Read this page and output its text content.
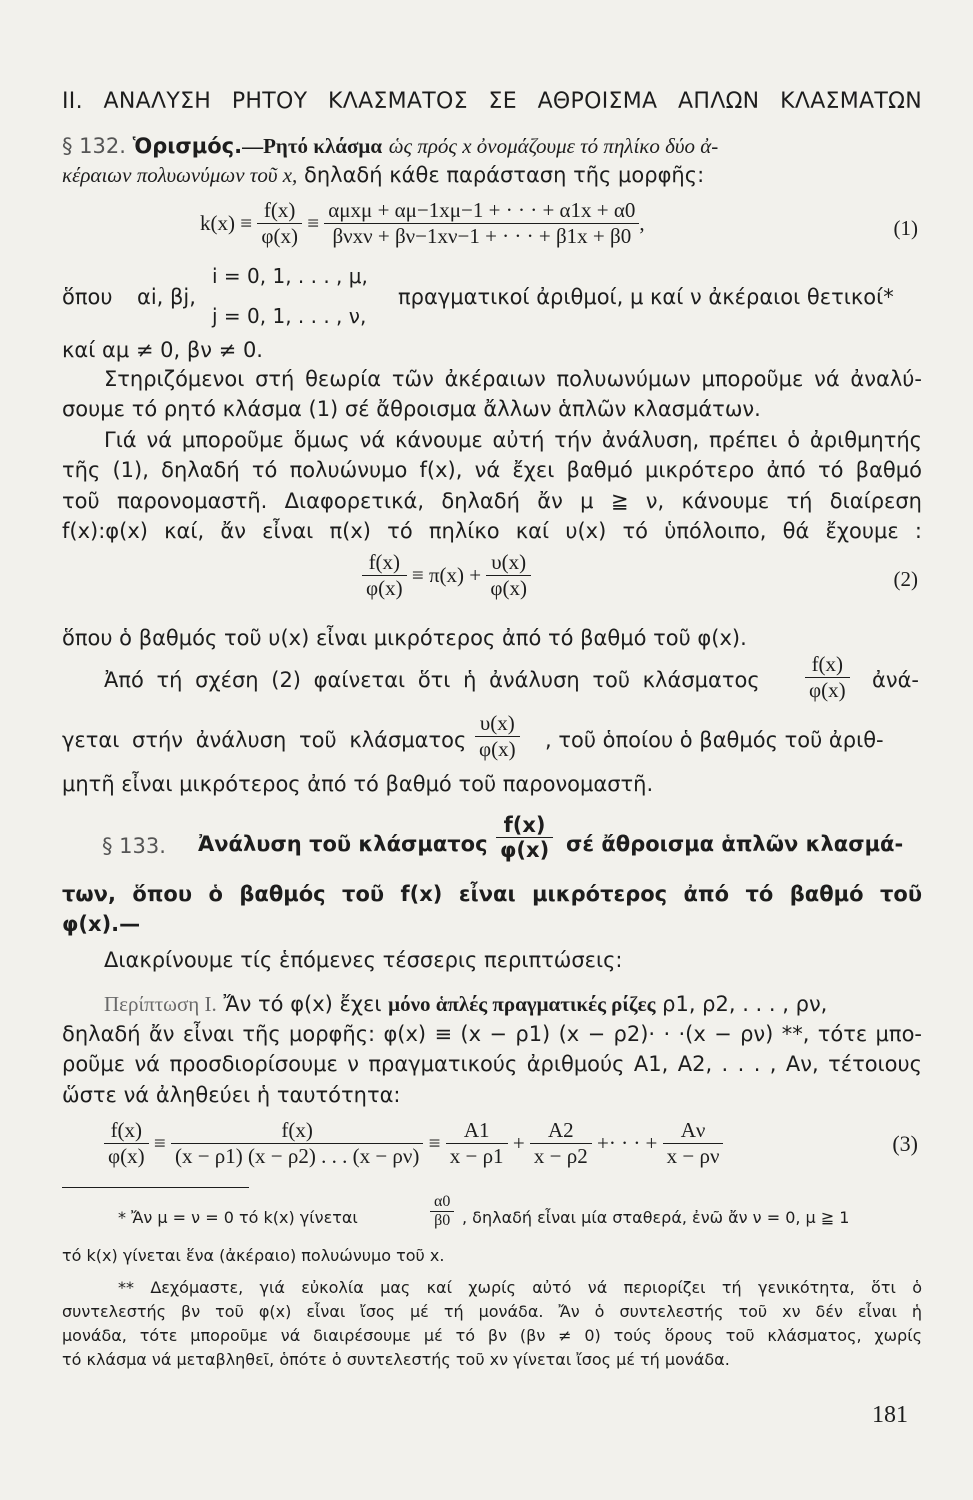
II. ΑΝΑΛΥΣΗ ΡΗΤΟΥ ΚΛΑΣΜΑΤΟΣ ΣΕ ΑΘΡΟΙΣΜΑ ΑΠΛΩΝ ΚΛΑΣΜΑΤΩΝ
§ 132. Ὁρισμός.—Ρητό κλάσμα ὡς πρός x ὀνομάζουμε τό πηλίκο δύο ἀ-
κέραιων πολυωνύμων τοῦ x, δηλαδή κάθε παράσταση τῆς μορφῆς:
$k(x) \equiv \frac{f(x)}{\varphi(x)} \equiv \frac{\text{αμxμ + αμ−1xμ−1 + · · · + α1x + α0}}{\text{βνxν + βν−1xν−1 + · · · + β1x + β0}}$ ,	(1)
ὅπου αi, βj,
i = 0, 1, . . . , μ,
j = 0, 1, . . . , ν,
πραγματικοί ἀριθμοί, μ καί ν ἀκέραιοι θετικοί*
καί αμ ≠ 0, βν ≠ 0.
Στηριζόμενοι στή θεωρία τῶν ἀκέραιων πολυωνύμων μποροῦμε νά ἀναλύ-
σουμε τό ρητό κλάσμα (1) σέ ἄθροισμα ἄλλων ἁπλῶν κλασμάτων.
Γιά νά μποροῦμε ὅμως νά κάνουμε αὐτή τήν ἀνάλυση, πρέπει ὁ ἀριθμητής
τῆς (1), δηλαδή τό πολυώνυμο f(x), νά ἔχει βαθμό μικρότερο ἀπό τό βαθμό
τοῦ παρονομαστῆ. Διαφορετικά, δηλαδή ἄν μ ≧ ν, κάνουμε τή διαίρεση
f(x):φ(x) καί, ἄν εἶναι π(x) τό πηλίκο καί υ(x) τό ὑπόλοιπο, θά ἔχουμε :
$\frac{f(x)}{\varphi(x)} \equiv \pi(x) + \frac{\upsilon(x)}{\varphi(x)}$	(2)
ὅπου ὁ βαθμός τοῦ υ(x) εἶναι μικρότερος ἀπό τό βαθμό τοῦ φ(x).
Ἀπό τή σχέση (2) φαίνεται ὅτι ἡ ἀνάλυση τοῦ κλάσματος $\frac{f(x)}{\varphi(x)}$ ἀνά-
γεται στήν ἀνάλυση τοῦ κλάσματος $\frac{\upsilon(x)}{\varphi(x)}$ , τοῦ ὁποίου ὁ βαθμός τοῦ ἀριθ-
μητῆ εἶναι μικρότερος ἀπό τό βαθμό τοῦ παρονομαστῆ.
§ 133. Ἀνάλυση τοῦ κλάσματος $\frac{f(x)}{\varphi(x)}$ σέ ἄθροισμα ἁπλῶν κλασμά-
των, ὅπου ὁ βαθμός τοῦ f(x) εἶναι μικρότερος ἀπό τό βαθμό τοῦ
φ(x).—
Διακρίνουμε τίς ἑπόμενες τέσσερις περιπτώσεις:
Περίπτωση I. Ἄν τό φ(x) ἔχει μόνο ἁπλές πραγματικές ρίζες ρ1, ρ2, . . . , ρν,
δηλαδή ἄν εἶναι τῆς μορφῆς: φ(x) ≡ (x − ρ1) (x − ρ2)· · ·(x − ρν) **, τότε μπο-
ροῦμε νά προσδιορίσουμε ν πραγματικούς ἀριθμούς A1, A2, . . . , Aν, τέτοιους
ὥστε νά ἀληθεύει ἡ ταυτότητα:
$\frac{f(x)}{\varphi(x)} \equiv \frac{f(x)}{(x - \rho 1) (x - \rho 2) . . . (x - \rho\nu)} \equiv \frac{A1}{x - \rho 1} + \frac{A2}{x - \rho 2}$ +· · · + $\frac{A\nu}{x - \rho\nu}$	(3)
* Ἄν μ = ν = 0 τό k(x) γίνεται	$\frac{\alpha 0}{\beta 0}$ , δηλαδή εἶναι μία σταθερά, ἐνῶ ἄν ν = 0, μ ≧ 1
τό k(x) γίνεται ἕνα (ἀκέραιο) πολυώνυμο τοῦ x.
** Δεχόμαστε, γιά εὐκολία μας καί χωρίς αὐτό νά περιορίζει τή γενικότητα, ὅτι ὁ
συντελεστής βν τοῦ φ(x) εἶναι ἴσος μέ τή μονάδα. Ἄν ὁ συντελεστής τοῦ xν δέν εἶναι ἡ
μονάδα, τότε μποροῦμε νά διαιρέσουμε μέ τό βν (βν ≠ 0) τούς ὅρους τοῦ κλάσματος, χωρίς
τό κλάσμα νά μεταβληθεῖ, ὁπότε ὁ συντελεστής τοῦ xν γίνεται ἴσος μέ τή μονάδα.
181
